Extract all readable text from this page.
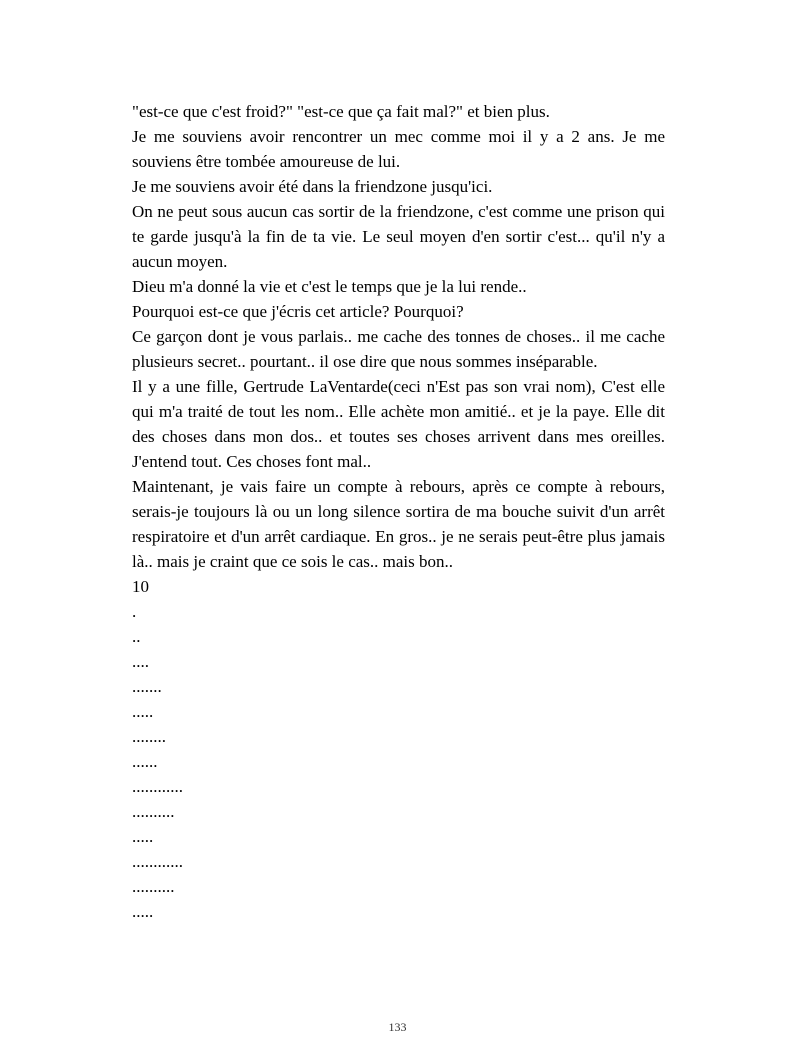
"est-ce que c'est froid?" "est-ce que ça fait mal?" et bien plus.

Je me souviens avoir rencontrer un mec comme moi il y a 2 ans. Je me souviens être tombée amoureuse de lui.

Je me souviens avoir été dans la friendzone jusqu'ici.

On ne peut sous aucun cas sortir de la friendzone, c'est comme une prison qui te garde jusqu'à la fin de ta vie. Le seul moyen d'en sortir c'est... qu'il n'y a aucun moyen.

Dieu m'a donné la vie et c'est le temps que je la lui rende..

Pourquoi est-ce que j'écris cet article? Pourquoi?

Ce garçon dont je vous parlais.. me cache des tonnes de choses.. il me cache plusieurs secret.. pourtant.. il ose dire que nous sommes inséparable.

Il y a une fille, Gertrude LaVentarde(ceci n'Est pas son vrai nom), C'est elle qui m'a traité de tout les nom.. Elle achète mon amitié.. et je la paye. Elle dit des choses dans mon dos.. et toutes ses choses arrivent dans mes oreilles. J'entend tout. Ces choses font mal..

Maintenant, je vais faire un compte à rebours, après ce compte à rebours, serais-je toujours là ou un long silence sortira de ma bouche suivit d'un arrêt respiratoire et d'un arrêt cardiaque. En gros.. je ne serais peut-être plus jamais là.. mais je craint que ce sois le cas.. mais bon..

10

.

..

....

.......

.....

........

......

............

..........

.....

............

..........

.....

133
